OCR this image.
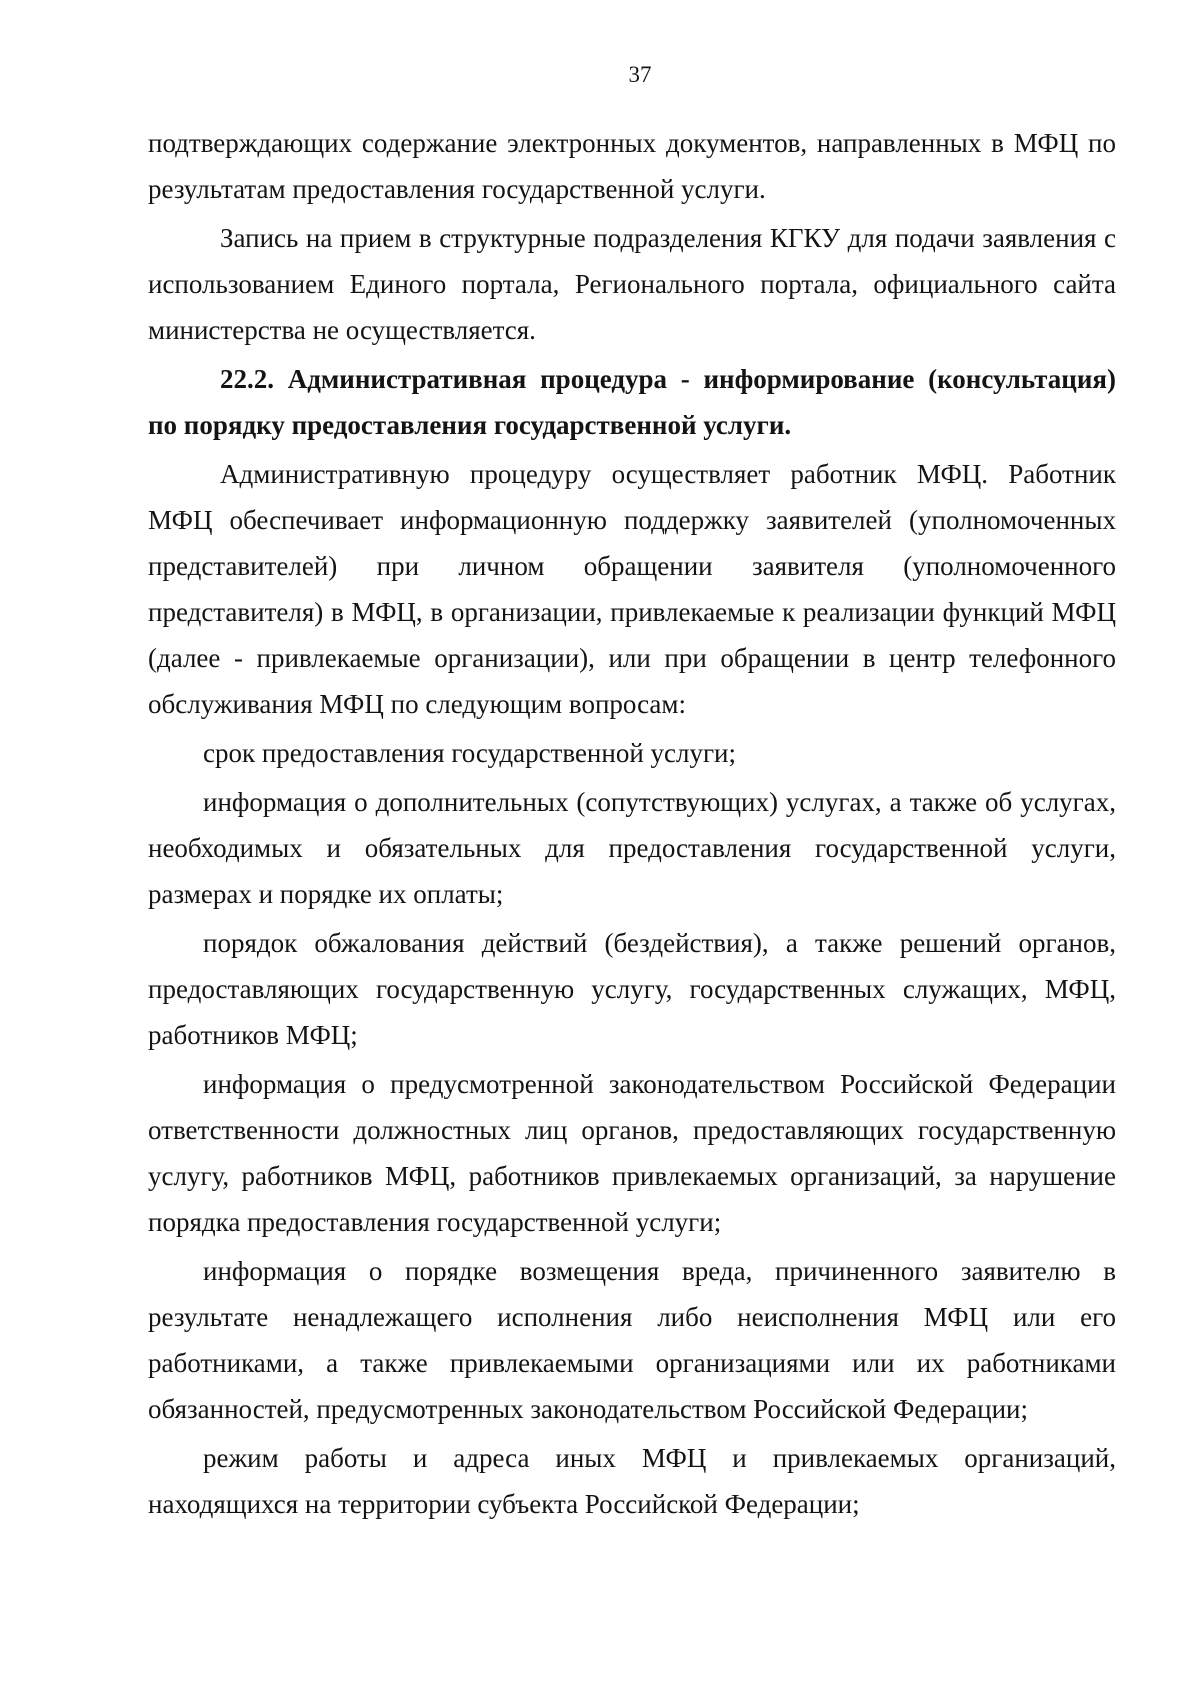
37

подтверждающих содержание электронных документов, направленных в МФЦ по результатам предоставления государственной услуги.

Запись на прием в структурные подразделения КГКУ для подачи заявления с использованием Единого портала, Регионального портала, официального сайта министерства не осуществляется.

22.2. Административная процедура - информирование (консультация) по порядку предоставления государственной услуги.

Административную процедуру осуществляет работник МФЦ. Работник МФЦ обеспечивает информационную поддержку заявителей (уполномоченных представителей) при личном обращении заявителя (уполномоченного представителя) в МФЦ, в организации, привлекаемые к реализации функций МФЦ (далее - привлекаемые организации), или при обращении в центр телефонного обслуживания МФЦ по следующим вопросам:

срок предоставления государственной услуги;

информация о дополнительных (сопутствующих) услугах, а также об услугах, необходимых и обязательных для предоставления государственной услуги, размерах и порядке их оплаты;

порядок обжалования действий (бездействия), а также решений органов, предоставляющих государственную услугу, государственных служащих, МФЦ, работников МФЦ;

информация о предусмотренной законодательством Российской Федерации ответственности должностных лиц органов, предоставляющих государственную услугу, работников МФЦ, работников привлекаемых организаций, за нарушение порядка предоставления государственной услуги;

информация о порядке возмещения вреда, причиненного заявителю в результате ненадлежащего исполнения либо неисполнения МФЦ или его работниками, а также привлекаемыми организациями или их работниками обязанностей, предусмотренных законодательством Российской Федерации;

режим работы и адреса иных МФЦ и привлекаемых организаций, находящихся на территории субъекта Российской Федерации;
